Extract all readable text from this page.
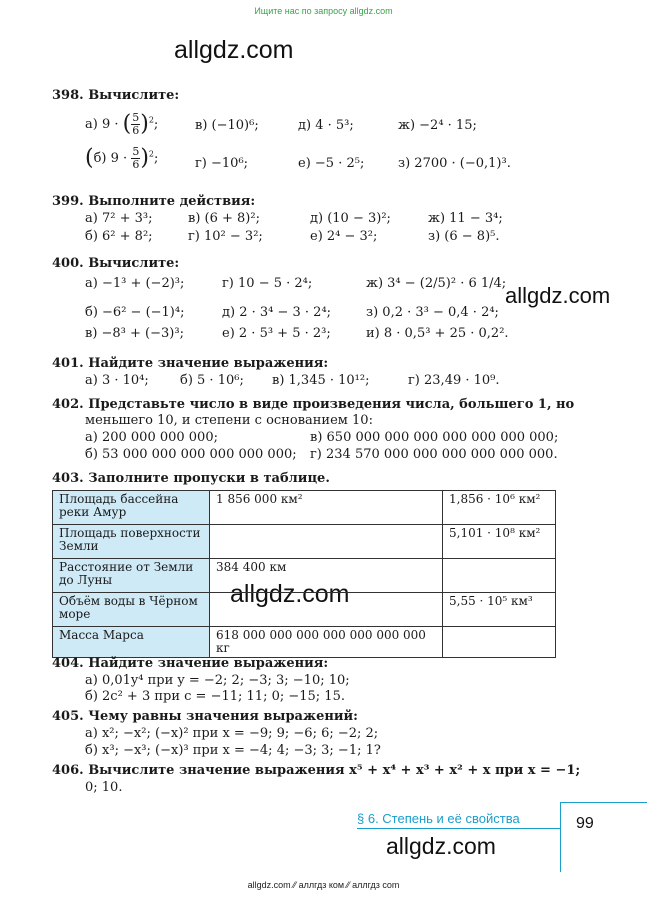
Ищите нас по запросу allgdz.com
allgdz.com
allgdz.com
allgdz.com
allgdz.com
398. Вычислите:
а) 9 · ( $\frac{5}{6} )^2$;	в) (−10)⁶;	д) 4 · 5³;	ж) −2⁴ · 15;
(б) $9 \cdot \frac{5}{6} )^2$;	г) −10⁶;	е) −5 · 2⁵;	з) 2700 · (−0,1)³.
399. Выполните действия:
а) 7² + 3³;	в) (6 + 8)²;	д) (10 − 3)²;	ж) 11 − 3⁴;
б) 6² + 8²;	г) 10² − 3²;	е) 2⁴ − 3²;	з) (6 − 8)⁵.
400. Вычислите:
а) −1³ + (−2)³;	г) 10 − 5 · 2⁴;	ж) 3⁴ − (2/5)² · 6 1/4;
б) −6² − (−1)⁴;	д) 2 · 3⁴ − 3 · 2⁴;	з) 0,2 · 3³ − 0,4 · 2⁴;
в) −8³ + (−3)³;	е) 2 · 5³ + 5 · 2³;	и) 8 · 0,5³ + 25 · 0,2².
401. Найдите значение выражения:
а) 3 · 10⁴; б) 5 · 10⁶; в) 1,345 · 10¹²;	г) 23,49 · 10⁹.
402. Представьте число в виде произведения числа, большего 1, но
меньшего 10, и степени с основанием 10:
а) 200 000 000 000;	в) 650 000 000 000 000 000 000 000;
б) 53 000 000 000 000 000 000; г) 234 570 000 000 000 000 000 000.
403. Заполните пропуски в таблице.
Площадь бассейна реки Амур	1 856 000 км²	1,856 · 10⁶ км²
Площадь поверхности Земли		5,101 · 10⁸ км²
Расстояние от Земли до Луны	384 400 км	
Объём воды в Чёрном море		5,55 · 10⁵ км³
Масса Марса	618 000 000 000 000 000 000 000 кг	
404. Найдите значение выражения:
а) 0,01y⁴ при y = −2; 2; −3; 3; −10; 10;
б) 2c² + 3 при c = −11; 11; 0; −15; 15.
405. Чему равны значения выражений:
а) x²; −x²; (−x)² при x = −9; 9; −6; 6; −2; 2;
б) x³; −x³; (−x)³ при x = −4; 4; −3; 3; −1; 1?
406. Вычислите значение выражения x⁵ + x⁴ + x³ + x² + x при x = −1;
0; 10.
§ 6. Степень и её свойства	99
allgdz.com ⁄⁄ аллгдз ком ⁄⁄ аллгдз com
